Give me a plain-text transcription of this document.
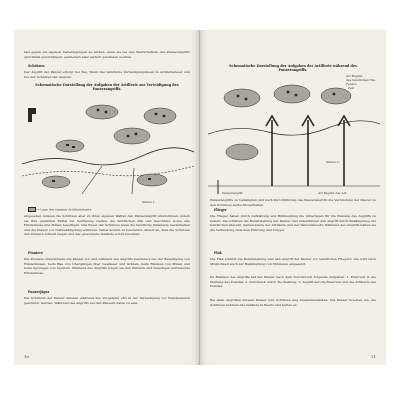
fast gegen die eigenen Verteidigungen zu wirken, muss sie bei den Werfermitteln den Panzerangriffs gleichfalls geschützigen, gemiedert aller andern geleiteten werden.
Schützen
Der Angriff der Panzer erfolgt bei Tag. Wenn das feindliche Verteidigungsfeuer in Artilleriefeuer und bei den Schützen der Angreif.
Schematische Darstellung der Aufgaben der Artillerie zur Verteidigung des Panzerangriffs.
Skizze 1.
= Lage des eigenen Artilleriefeuers
Abgesehen müssen die Schützen aber zu ihren eigenen Waffen den Panzerangriff unterstützen, indem sie ihre gesamten Mittel zur Verfügung stellen, die feindlichen Pak und Geschütze sowie alle Hindernisse und Minen beseitigen. Das Feuer der Schützen muss die feindliche Infanterie niederhalten und die Panzer vor Nahbekämpfung schützen. Dabei kommt es besonders darauf an, dass die Schützen den Panzern schnell folgen und das gewonnene Gelände sofort besetzen.
Pioniere
Die Pioniere unterstützen die Panzer vor und während des Angriffs besonders bei der Beseitigung von Hindernissen, beim Bau von Übergängen über Gewässer und Gräben, beim Räumen von Minen und beim Sprengen von Sperren. Während des Angriffs folgen sie den Panzern und beseitigen auftretende Hindernisse.
Panzerjäger
Die Schützen der Panzer müssen während des Vorgehens und in der Verteidigung vor Feindpanzern geschützt werden. Während des Angriffs bei den Panzern dabei zu sein.
10
Schematische Darstellung der Aufgaben der Artillerie während des Panzerangriffs.
Art Beginn
des feindlichen Wa-Feuers
Zeit
Skizze 2.
Panzerangriff	Art Beginn der Art.
Panzerangriffe zu bekämpfen und nach Durchführung des Panzerangriffs die Verbindung der Panzer zu den Schützen aufrechtzuerhalten.
Flieger
Die Flieger haben durch Aufklärung und Bildmeldung die Unterlagen für die Planung des Angriffs zu liefern. Sie schützen die Bereitstellung der Panzer und unterstützen den Angriff durch Bekämpfung der feindlichen Abwehr, insbesondere der Artillerie und der Panzerabwehr. Während des Angriffs halten sie die Verbindung zwischen Führung und Truppe.
Flak
Die Flak schützt die Bereitstellung und den Angriff der Panzer vor feindlichen Fliegern. Sie wird nach Möglichkeit auch zur Bekämpfung von Erdzielen eingesetzt.
Im Rahmen des Angriffs hat der Panzer nach dem Durchbruch folgende Aufgaben: 1. Einbruch in die Stellung des Feindes, 2. Durchstoß durch die Stellung, 3. Angriff auf die Reserven und die Artillerie des Feindes.
Bei allen Angriffen müssen Panzer und Schützen eng zusammenwirken. Die Panzer brechen ein, die Schützen nehmen das Gelände in Besitz und halten es.
11
